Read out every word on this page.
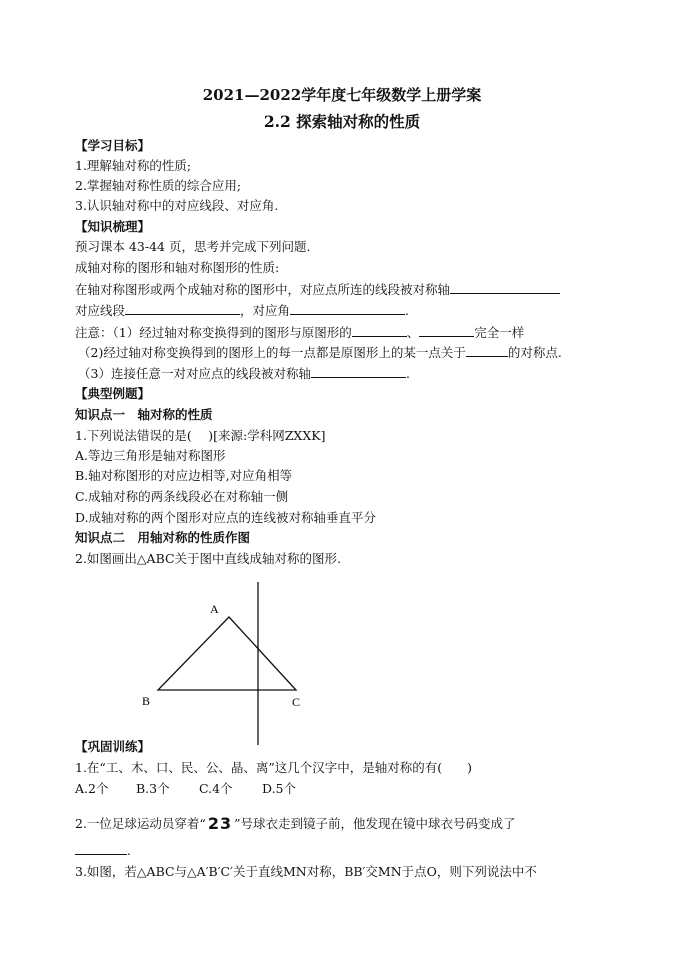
2021—2022学年度七年级数学上册学案
2.2 探索轴对称的性质
【学习目标】
1.理解轴对称的性质;
2.掌握轴对称性质的综合应用;
3.认识轴对称中的对应线段、对应角.
【知识梳理】
预习课本 43-44 页，思考并完成下列问题.
成轴对称的图形和轴对称图形的性质:
在轴对称图形或两个成轴对称的图形中，对应点所连的线段被对称轴
对应线段	，对应角	.
注意：（1）经过轴对称变换得到的图形与原图形的	、	完全一样
（2)经过轴对称变换得到的图形上的每一点都是原图形上的某一点关于	的对称点.
（3）连接任意一对对应点的线段被对称轴	.
【典型例题】
知识点一　轴对称的性质
1.下列说法错误的是(　 )[来源:学科网ZXXK]
A.等边三角形是轴对称图形
B.轴对称图形的对应边相等,对应角相等
C.成轴对称的两条线段必在对称轴一侧
D.成轴对称的两个图形对应点的连线被对称轴垂直平分
知识点二　用轴对称的性质作图
2.如图画出△ABC关于图中直线成轴对称的图形.
A
B	C
【巩固训练】
1.在“工、木、口、民、公、晶、离”这几个汉字中，是轴对称的有(　　)
A.2个 B.3个 C.4个 D.5个
2.一位足球运动员穿着“ 23 ”号球衣走到镜子前，他发现在镜中球衣号码变成了
.
3.如图，若△ABC与△A′B′C′关于直线MN对称，BB′交MN于点O，则下列说法中不
